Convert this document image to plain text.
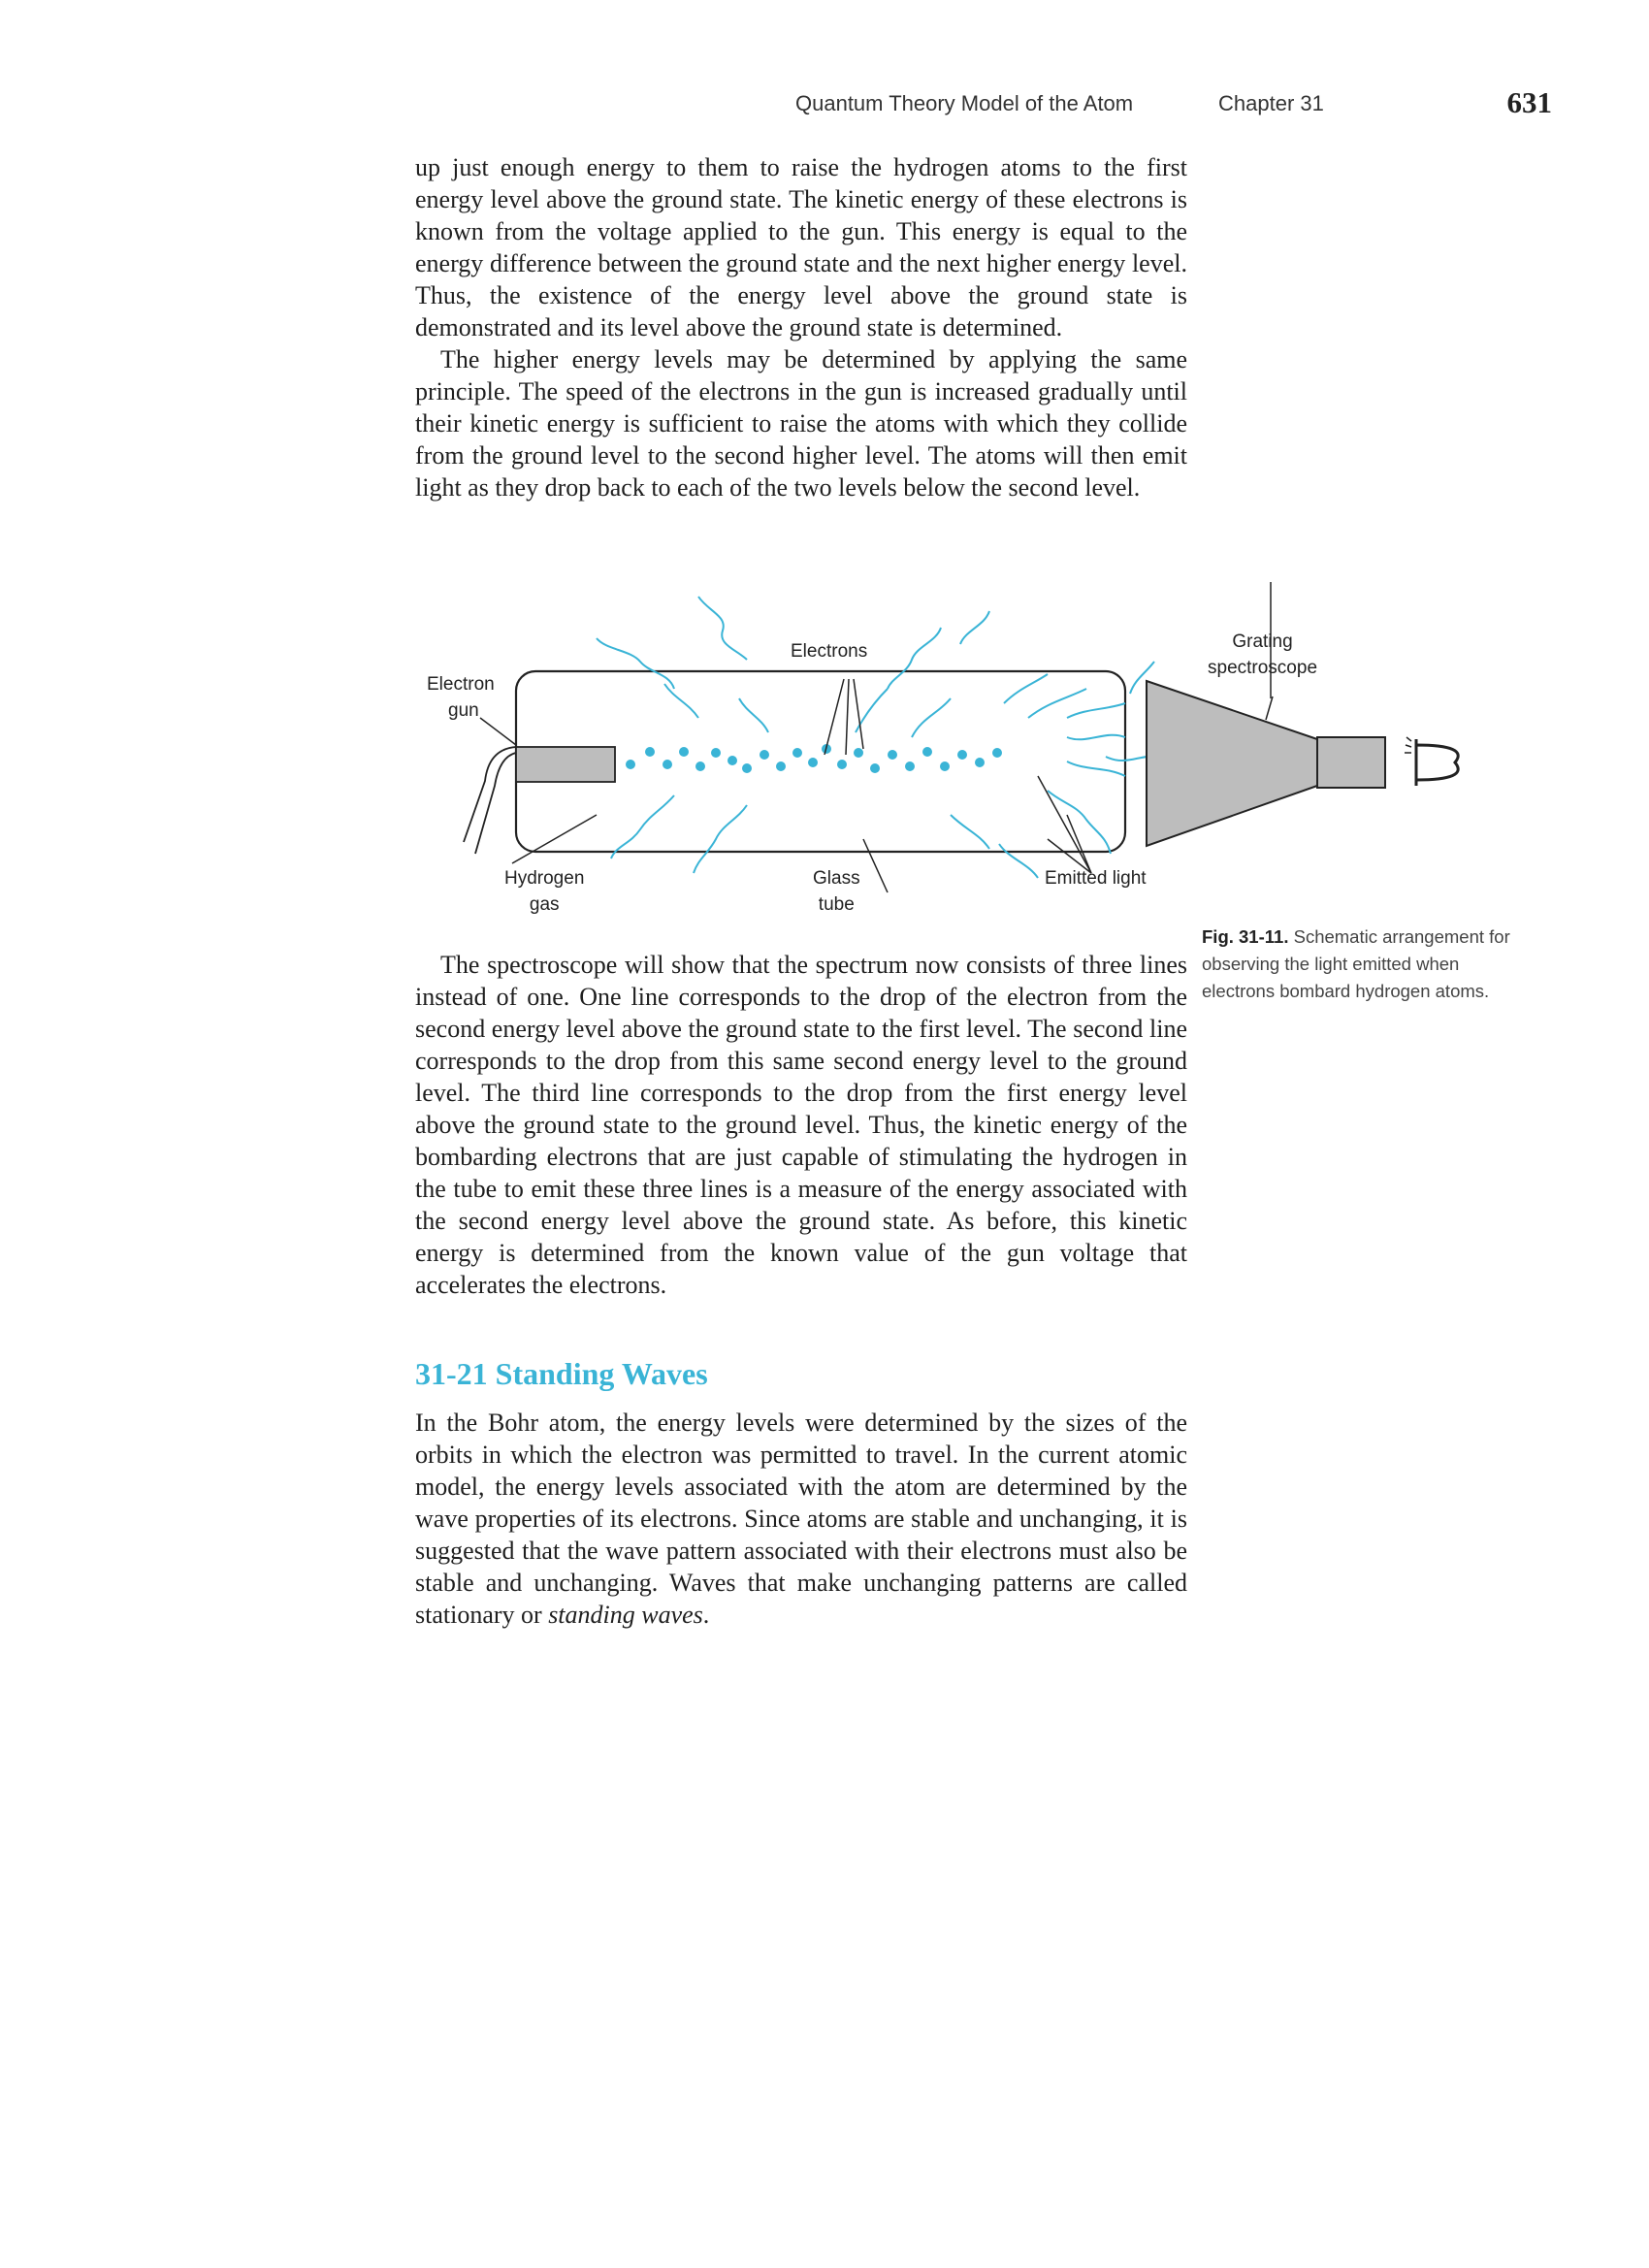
Quantum Theory Model of the Atom	Chapter 31	631

up just enough energy to them to raise the hydrogen atoms to the first energy level above the ground state. The kinetic energy of these electrons is known from the voltage applied to the gun. This energy is equal to the energy difference between the ground state and the next higher energy level. Thus, the existence of the energy level above the ground state is demonstrated and its level above the ground state is determined.

The higher energy levels may be determined by applying the same principle. The speed of the electrons in the gun is increased gradually until their kinetic energy is sufficient to raise the atoms with which they collide from the ground level to the second higher level. The atoms will then emit light as they drop back to each of the two levels below the second level.

Electron
gun
Electrons	Grating
spectroscope
Hydrogen
gas
Glass
tube
Emitted light
Fig. 31-11. Schematic arrangement for observing the light emitted when electrons bombard hydrogen atoms.

The spectroscope will show that the spectrum now consists of three lines instead of one. One line corresponds to the drop of the electron from the second energy level above the ground state to the first level. The second line corresponds to the drop from this same second energy level to the ground level. The third line corresponds to the drop from the first energy level above the ground state to the ground level. Thus, the kinetic energy of the bombarding electrons that are just capable of stimulating the hydrogen in the tube to emit these three lines is a measure of the energy associated with the second energy level above the ground state. As before, this kinetic energy is determined from the known value of the gun voltage that accelerates the electrons.

31-21 Standing Waves

In the Bohr atom, the energy levels were determined by the sizes of the orbits in which the electron was permitted to travel. In the current atomic model, the energy levels associated with the atom are determined by the wave properties of its electrons. Since atoms are stable and unchanging, it is suggested that the wave pattern associated with their electrons must also be stable and unchanging. Waves that make unchanging patterns are called stationary or standing waves.
